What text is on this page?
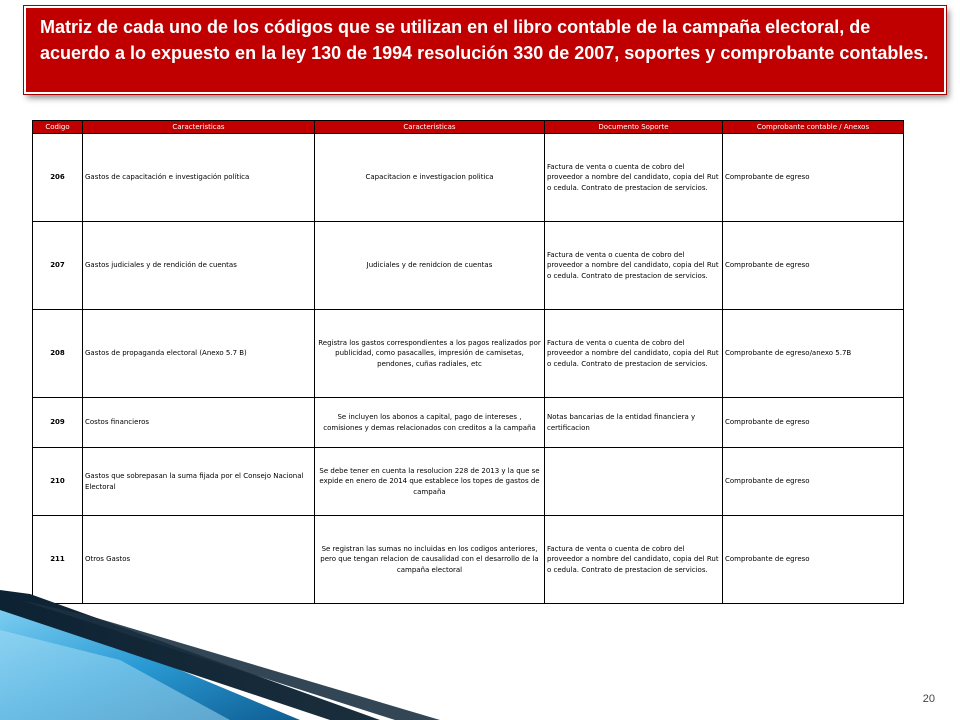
Matriz de cada uno de los códigos que se utilizan en el libro contable de la campaña electoral, de acuerdo a lo expuesto en la ley 130 de 1994 resolución 330 de 2007, soportes y comprobante contables.

Codigo	Caracteristicas	Caracteristicas	Documento Soporte	Comprobante contable / Anexos
206	Gastos de capacitación e investigación política	Capacitacion e investigacion politica	Factura de venta o cuenta de cobro del proveedor a nombre del candidato, copia del Rut o cedula. Contrato de prestacion de servicios.	Comprobante de egreso
207	Gastos judiciales y de rendición de cuentas	Judiciales y de renidcion de cuentas	Factura de venta o cuenta de cobro del proveedor a nombre del candidato, copia del Rut o cedula. Contrato de prestacion de servicios.	Comprobante de egreso
208	Gastos de propaganda electoral (Anexo 5.7 B)	Registra los gastos correspondientes a los pagos realizados por publicidad, como pasacalles, impresión de camisetas, pendones, cuñas radiales, etc	Factura de venta o cuenta de cobro del proveedor a nombre del candidato, copia del Rut o cedula. Contrato de prestacion de servicios.	Comprobante de egreso/anexo 5.7B
209	Costos financieros	Se incluyen los abonos a capital, pago de intereses , comisiones y demas relacionados con creditos a la campaña	Notas bancarias de la entidad financiera y certificacion	Comprobante de egreso
210	Gastos que sobrepasan la suma fijada por el Consejo Nacional Electoral	Se debe tener en cuenta la resolucion 228 de 2013 y la que se expide en enero de 2014 que establece los topes de gastos de campaña		Comprobante de egreso
211	Otros Gastos	Se registran las sumas no incluidas en los codigos anteriores, pero que tengan relacion de causalidad con el desarrollo de la campaña electoral	Factura de venta o cuenta de cobro del proveedor a nombre del candidato, copia del Rut o cedula. Contrato de prestacion de servicios.	Comprobante de egreso
20
